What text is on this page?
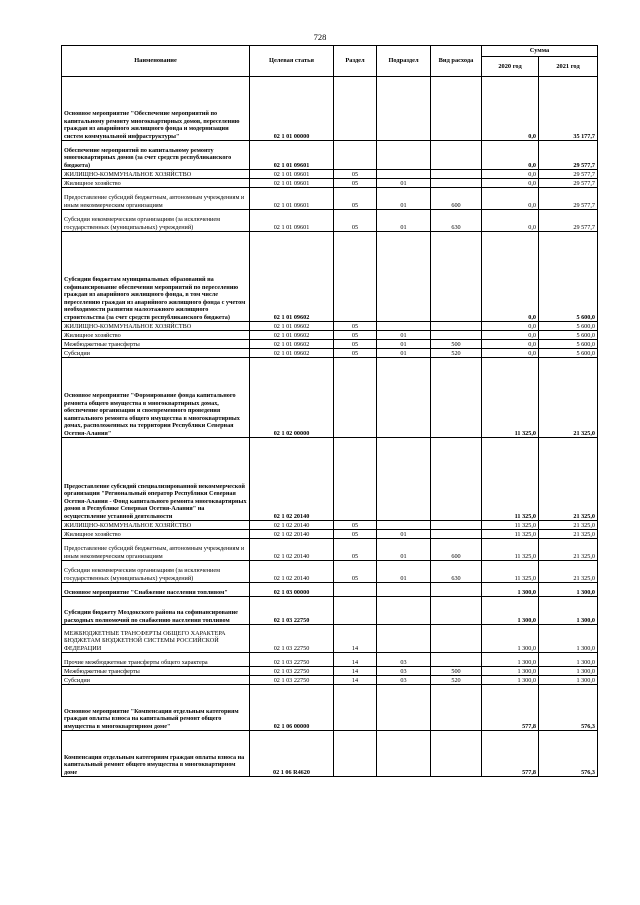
728
Наименование	Целевая статья	Раздел	Подраздел	Вид расхода	Сумма	
					2020 год	2021 год
Основное мероприятие "Обеспечение мероприятий по капитальному ремонту многоквартирных домов, переселению граждан из аварийного жилищного фонда и модернизации систем коммунальной инфраструктуры"	02 1 01 00000				0,0	35 177,7
Обеспечение мероприятий по капитальному ремонту многоквартирных домов (за счет средств республиканского бюджета)	02 1 01 09601				0,0	29 577,7
ЖИЛИЩНО-КОММУНАЛЬНОЕ ХОЗЯЙСТВО	02 1 01 09601	05			0,0	29 577,7
Жилищное хозяйство	02 1 01 09601	05	01		0,0	29 577,7
Предоставление субсидий бюджетным, автономным учреждениям и иным некоммерческим организациям	02 1 01 09601	05	01	600	0,0	29 577,7
Субсидии некоммерческим организациям (за исключением государственных (муниципальных) учреждений)	02 1 01 09601	05	01	630	0,0	29 577,7
Субсидии бюджетам муниципальных образований на софинансирование обеспечения мероприятий по переселению граждан из аварийного жилищного фонда, в том числе переселению граждан из аварийного жилищного фонда с учетом необходимости развития малоэтажного жилищного строительства (за счет средств республиканского бюджета)	02 1 01 09602				0,0	5 600,0
ЖИЛИЩНО-КОММУНАЛЬНОЕ ХОЗЯЙСТВО	02 1 01 09602	05			0,0	5 600,0
Жилищное хозяйство	02 1 01 09602	05	01		0,0	5 600,0
Межбюджетные трансферты	02 1 01 09602	05	01	500	0,0	5 600,0
Субсидии	02 1 01 09602	05	01	520	0,0	5 600,0
Основное мероприятие "Формирование фонда капитального ремонта общего имущества в многоквартирных домах, обеспечение организации и своевременного проведения капитального ремонта общего имущества в многоквартирных домах, расположенных на территории Республики Северная Осетия-Алания"	02 1 02 00000				11 325,0	21 325,0
Предоставление субсидий специализированной некоммерческой организации "Региональный оператор Республики Северная Осетия-Алания - Фонд капитального ремонта многоквартирных домов в Республике Северная Осетия-Алания" на осуществление уставной деятельности	02 1 02 20140				11 325,0	21 325,0
ЖИЛИЩНО-КОММУНАЛЬНОЕ ХОЗЯЙСТВО	02 1 02 20140	05			11 325,0	21 325,0
Жилищное хозяйство	02 1 02 20140	05	01		11 325,0	21 325,0
Предоставление субсидий бюджетным, автономным учреждениям и иным некоммерческим организациям	02 1 02 20140	05	01	600	11 325,0	21 325,0
Субсидии некоммерческим организациям (за исключением государственных (муниципальных) учреждений)	02 1 02 20140	05	01	630	11 325,0	21 325,0
Основное мероприятие "Снабжение населения топливом"	02 1 03 00000				1 300,0	1 300,0
Субсидии бюджету Моздокского района на софинансирование расходных полномочий по снабжению населения топливом	02 1 03 22750				1 300,0	1 300,0
МЕЖБЮДЖЕТНЫЕ ТРАНСФЕРТЫ ОБЩЕГО ХАРАКТЕРА БЮДЖЕТАМ БЮДЖЕТНОЙ СИСТЕМЫ РОССИЙСКОЙ ФЕДЕРАЦИИ	02 1 03 22750	14			1 300,0	1 300,0
Прочие межбюджетные трансферты общего характера	02 1 03 22750	14	03		1 300,0	1 300,0
Межбюджетные трансферты	02 1 03 22750	14	03	500	1 300,0	1 300,0
Субсидии	02 1 03 22750	14	03	520	1 300,0	1 300,0
Основное мероприятие "Компенсация отдельным категориям граждан оплаты взноса на капитальный ремонт общего имущества в многоквартирном доме"	02 1 06 00000				577,8	576,3
Компенсация отдельным категориям граждан оплаты взноса на капитальный ремонт общего имущества в многоквартирном доме	02 1 06 R4620				577,8	576,3
